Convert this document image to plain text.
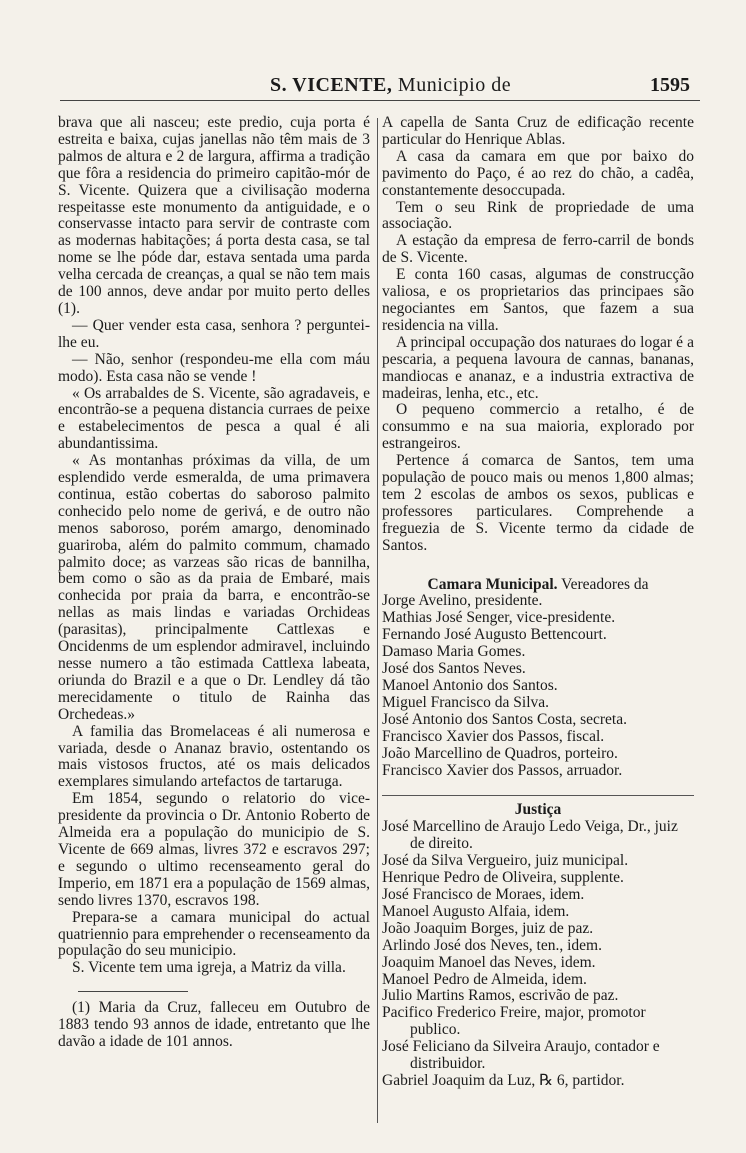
S. VICENTE, Municipio de	1595

brava que ali nasceu; este predio, cuja porta é estreita e baixa, cujas janellas não têm mais de 3 palmos de altura e 2 de largura, affirma a tradição que fôra a residencia do primeiro capitão-mór de S. Vicente. Quizera que a civilisação moderna respeitasse este monumento da antiguidade, e o conservasse intacto para servir de contraste com as modernas habitações; á porta desta casa, se tal nome se lhe póde dar, estava sentada uma parda velha cercada de creanças, a qual se não tem mais de 100 annos, deve andar por muito perto delles (1).

— Quer vender esta casa, senhora ? perguntei-lhe eu.

— Não, senhor (respondeu-me ella com máu modo). Esta casa não se vende !

« Os arrabaldes de S. Vicente, são agradaveis, e encontrão-se a pequena distancia curraes de peixe e estabelecimentos de pesca a qual é ali abundantissima.

« As montanhas próximas da villa, de um esplendido verde esmeralda, de uma primavera continua, estão cobertas do saboroso palmito conhecido pelo nome de gerivá, e de outro não menos saboroso, porém amargo, denominado guariroba, além do palmito commum, chamado palmito doce; as varzeas são ricas de bannilha, bem como o são as da praia de Embaré, mais conhecida por praia da barra, e encontrão-se nellas as mais lindas e variadas Orchideas (parasitas), principalmente Cattlexas e Oncidenms de um esplendor admiravel, incluindo nesse numero a tão estimada Cattlexa labeata, oriunda do Brazil e a que o Dr. Lendley dá tão merecidamente o titulo de Rainha das Orchedeas.»

A familia das Bromelaceas é ali numerosa e variada, desde o Ananaz bravio, ostentando os mais vistosos fructos, até os mais delicados exemplares simulando artefactos de tartaruga.

Em 1854, segundo o relatorio do vice-presidente da provincia o Dr. Antonio Roberto de Almeida era a população do municipio de S. Vicente de 669 almas, livres 372 e escravos 297; e segundo o ultimo recenseamento geral do Imperio, em 1871 era a população de 1569 almas, sendo livres 1370, escravos 198.

Prepara-se a camara municipal do actual quatriennio para emprehender o recenseamento da população do seu municipio.

S. Vicente tem uma igreja, a Matriz da villa.

(1) Maria da Cruz, falleceu em Outubro de 1883 tendo 93 annos de idade, entretanto que lhe davão a idade de 101 annos.

A capella de Santa Cruz de edificação recente particular do Henrique Ablas.

A casa da camara em que por baixo do pavimento do Paço, é ao rez do chão, a cadêa, constantemente desoccupada.

Tem o seu Rink de propriedade de uma associação.

A estação da empresa de ferro-carril de bonds de S. Vicente.

E conta 160 casas, algumas de construcção valiosa, e os proprietarios das principaes são negociantes em Santos, que fazem a sua residencia na villa.

A principal occupação dos naturaes do logar é a pescaria, a pequena lavoura de cannas, bananas, mandiocas e ananaz, e a industria extractiva de madeiras, lenha, etc., etc.

O pequeno commercio a retalho, é de consummo e na sua maioria, explorado por estrangeiros.

Pertence á comarca de Santos, tem uma população de pouco mais ou menos 1,800 almas; tem 2 escolas de ambos os sexos, publicas e professores particulares. Comprehende a freguezia de S. Vicente termo da cidade de Santos.

Camara Municipal. Vereadores da

Jorge Avelino, presidente.

Mathias José Senger, vice-presidente.

Fernando José Augusto Bettencourt.

Damaso Maria Gomes.

José dos Santos Neves.

Manoel Antonio dos Santos.

Miguel Francisco da Silva.

José Antonio dos Santos Costa, secreta.

Francisco Xavier dos Passos, fiscal.

João Marcellino de Quadros, porteiro.

Francisco Xavier dos Passos, arruador.

Justiça

José Marcellino de Araujo Ledo Veiga, Dr., juiz de direito.

José da Silva Vergueiro, juiz municipal.

Henrique Pedro de Oliveira, supplente.

José Francisco de Moraes, idem.

Manoel Augusto Alfaia, idem.

João Joaquim Borges, juiz de paz.

Arlindo José dos Neves, ten., idem.

Joaquim Manoel das Neves, idem.

Manoel Pedro de Almeida, idem.

Julio Martins Ramos, escrivão de paz.

Pacifico Frederico Freire, major, promotor publico.

José Feliciano da Silveira Araujo, contador e distribuidor.

Gabriel Joaquim da Luz, ℞ 6, partidor.
